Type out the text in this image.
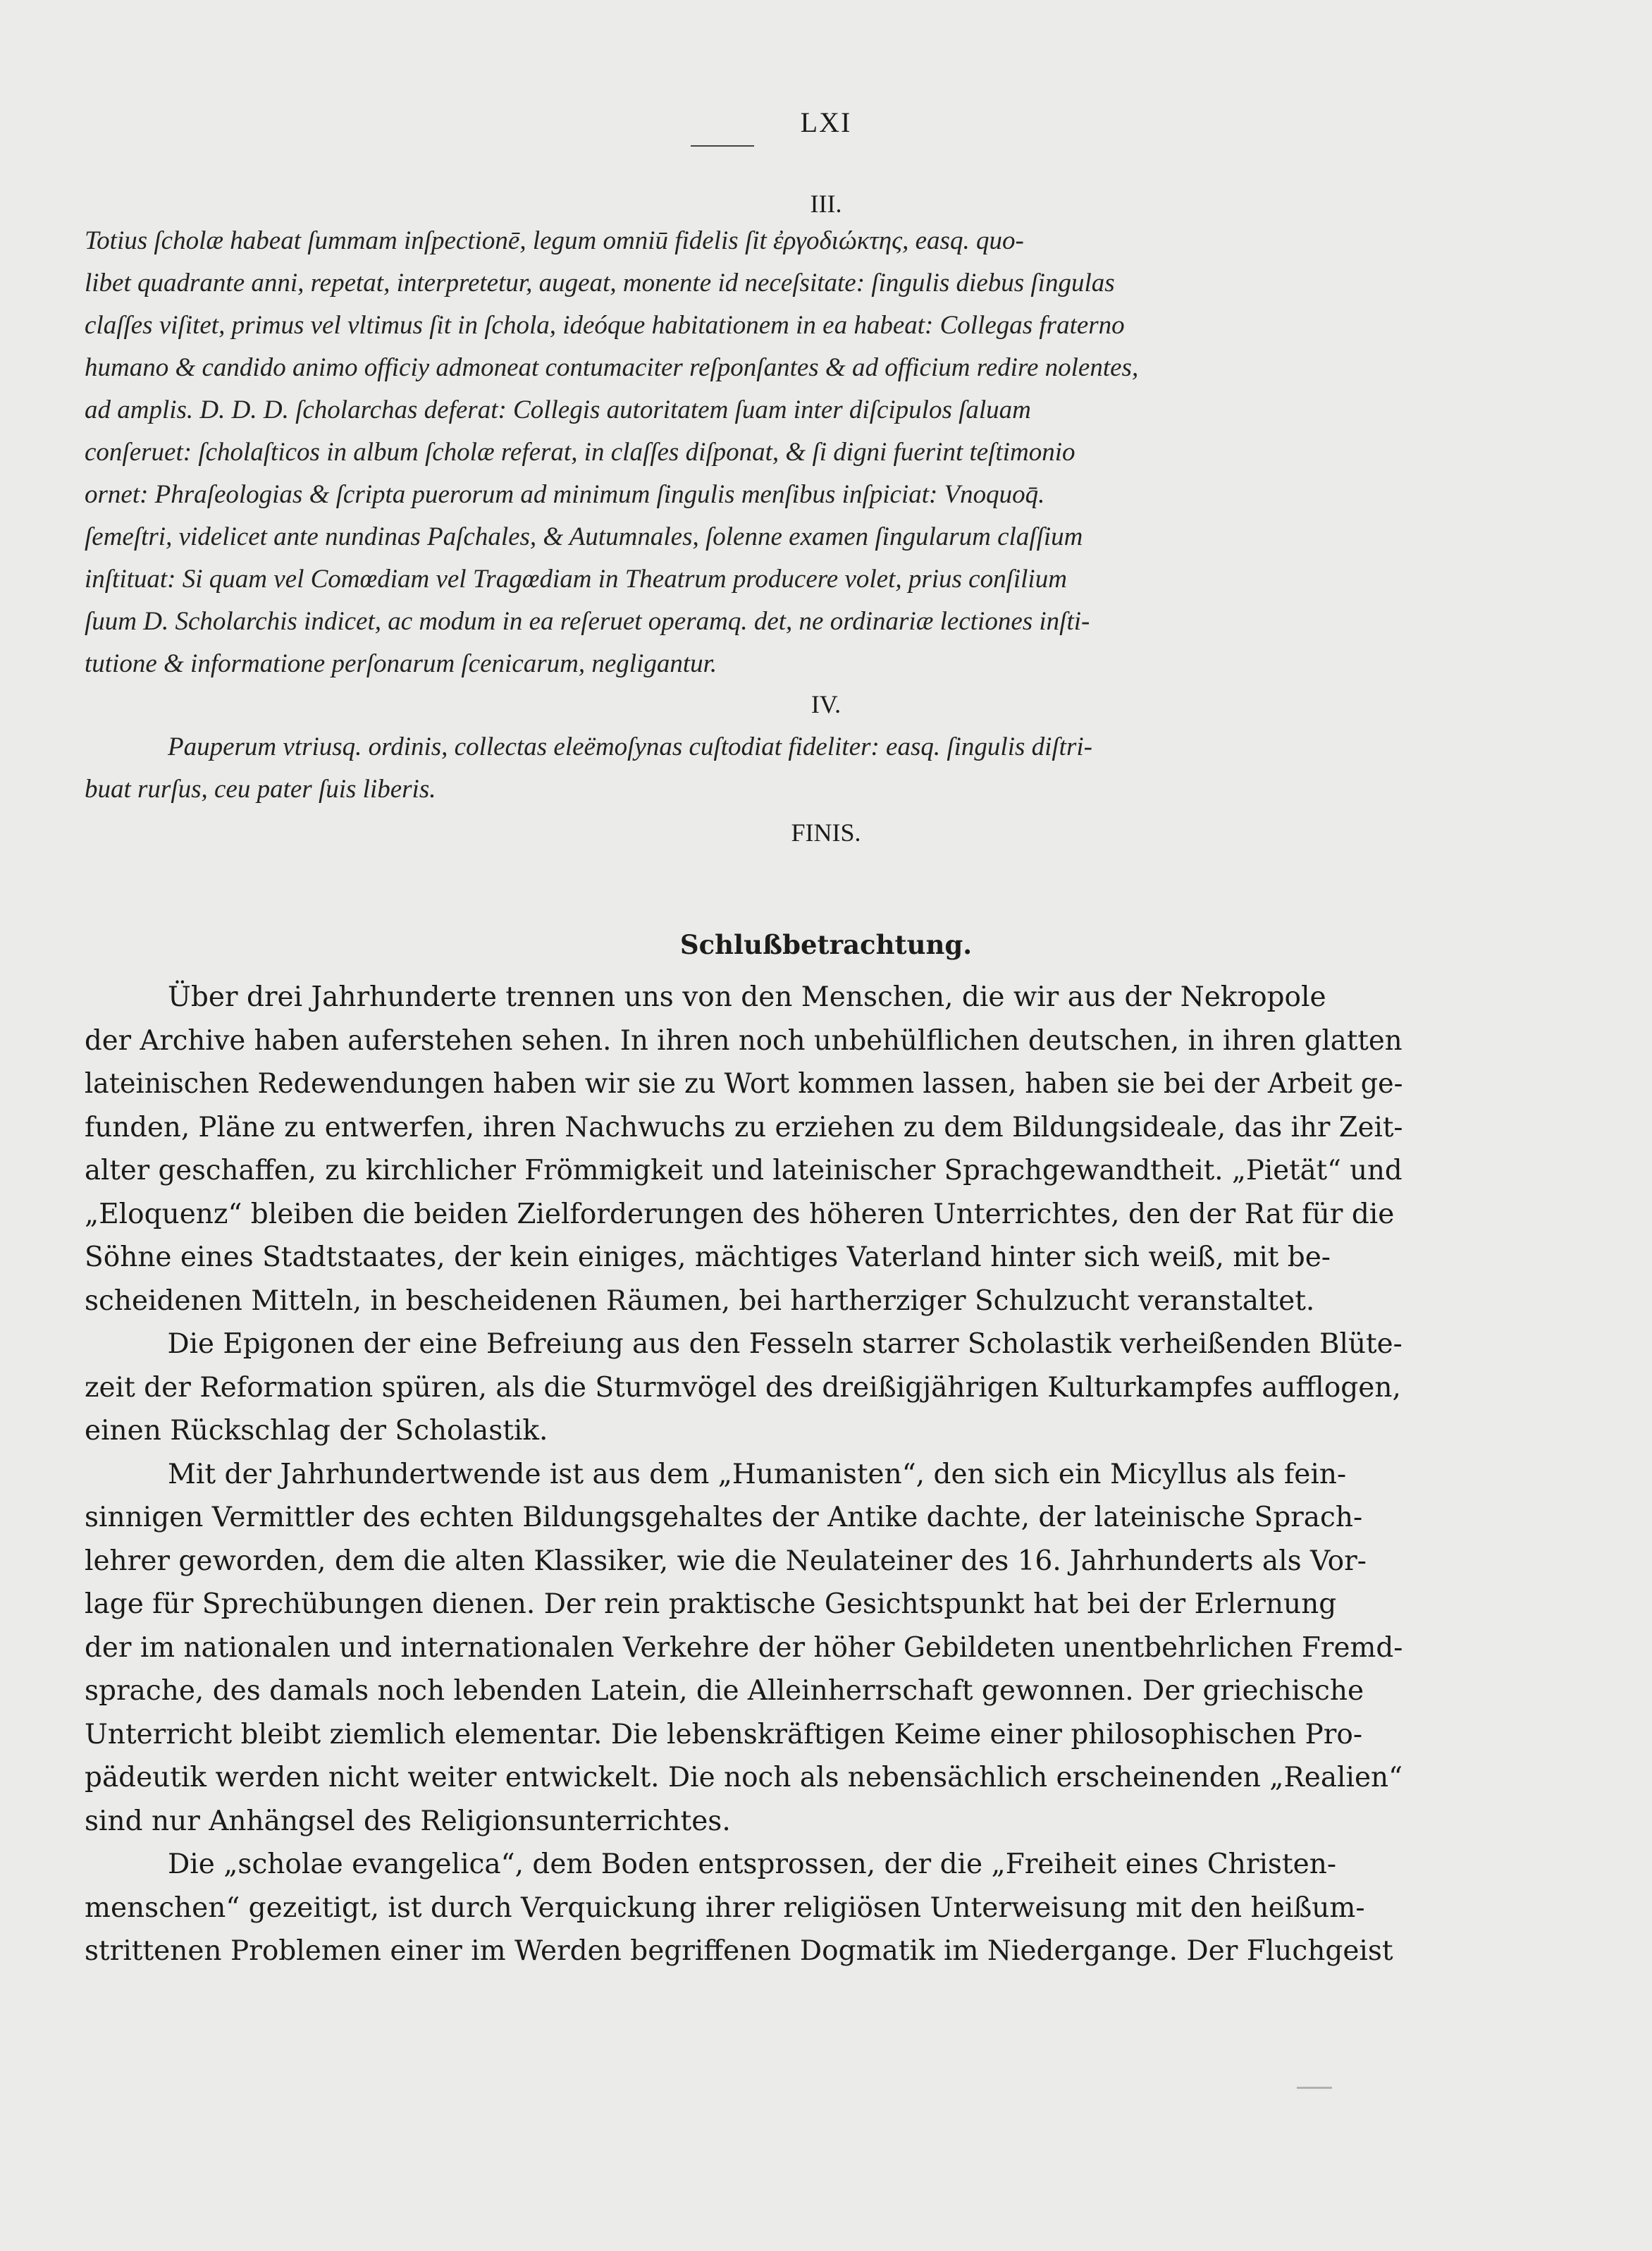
LXI
III.
Totius ſcholæ habeat ſummam inſpectionē, legum omniū fidelis ſit ἐργοδιώκτης, easq. quo-
libet quadrante anni, repetat, interpretetur, augeat, monente id neceſsitate: ſingulis diebus ſingulas
claſſes viſitet, primus vel vltimus ſit in ſchola, ideóque habitationem in ea habeat: Collegas fraterno
humano & candido animo officiy admoneat contumaciter reſponſantes & ad officium redire nolentes,
ad amplis. D. D. D. ſcholarchas deferat: Collegis autoritatem ſuam inter diſcipulos ſaluam
conſeruet: ſcholaſticos in album ſcholæ referat, in claſſes diſponat, & ſi digni fuerint teſtimonio
ornet: Phraſeologias & ſcripta puerorum ad minimum ſingulis menſibus inſpiciat: Vnoquoq̄.
ſemeſtri, videlicet ante nundinas Paſchales, & Autumnales, ſolenne examen ſingularum claſſium
inſtituat: Si quam vel Comœdiam vel Tragœdiam in Theatrum producere volet, prius conſilium
ſuum D. Scholarchis indicet, ac modum in ea reſeruet operamq. det, ne ordinariæ lectiones inſti-
tutione & informatione perſonarum ſcenicarum, negligantur.
IV.
Pauperum vtriusq. ordinis, collectas eleëmoſynas cuſtodiat fideliter: easq. ſingulis diſtri-
buat rurſus, ceu pater ſuis liberis.
FINIS.
Schlußbetrachtung.
Über drei Jahrhunderte trennen uns von den Menschen, die wir aus der Nekropole
der Archive haben auferstehen sehen. In ihren noch unbehülflichen deutschen, in ihren glatten
lateinischen Redewendungen haben wir sie zu Wort kommen lassen, haben sie bei der Arbeit ge-
funden, Pläne zu entwerfen, ihren Nachwuchs zu erziehen zu dem Bildungsideale, das ihr Zeit-
alter geschaffen, zu kirchlicher Frömmigkeit und lateinischer Sprachgewandtheit. „Pietät“ und
„Eloquenz“ bleiben die beiden Zielforderungen des höheren Unterrichtes, den der Rat für die
Söhne eines Stadtstaates, der kein einiges, mächtiges Vaterland hinter sich weiß, mit be-
scheidenen Mitteln, in bescheidenen Räumen, bei hartherziger Schulzucht veranstaltet.
Die Epigonen der eine Befreiung aus den Fesseln starrer Scholastik verheißenden Blüte-
zeit der Reformation spüren, als die Sturmvögel des dreißigjährigen Kulturkampfes aufflogen,
einen Rückschlag der Scholastik.
Mit der Jahrhundertwende ist aus dem „Humanisten“, den sich ein Micyllus als fein-
sinnigen Vermittler des echten Bildungsgehaltes der Antike dachte, der lateinische Sprach-
lehrer geworden, dem die alten Klassiker, wie die Neulateiner des 16. Jahrhunderts als Vor-
lage für Sprechübungen dienen. Der rein praktische Gesichtspunkt hat bei der Erlernung
der im nationalen und internationalen Verkehre der höher Gebildeten unentbehrlichen Fremd-
sprache, des damals noch lebenden Latein, die Alleinherrschaft gewonnen. Der griechische
Unterricht bleibt ziemlich elementar. Die lebenskräftigen Keime einer philosophischen Pro-
pädeutik werden nicht weiter entwickelt. Die noch als nebensächlich erscheinenden „Realien“
sind nur Anhängsel des Religionsunterrichtes.
Die „scholae evangelica“, dem Boden entsprossen, der die „Freiheit eines Christen-
menschen“ gezeitigt, ist durch Verquickung ihrer religiösen Unterweisung mit den heißum-
strittenen Problemen einer im Werden begriffenen Dogmatik im Niedergange. Der Fluchgeist
